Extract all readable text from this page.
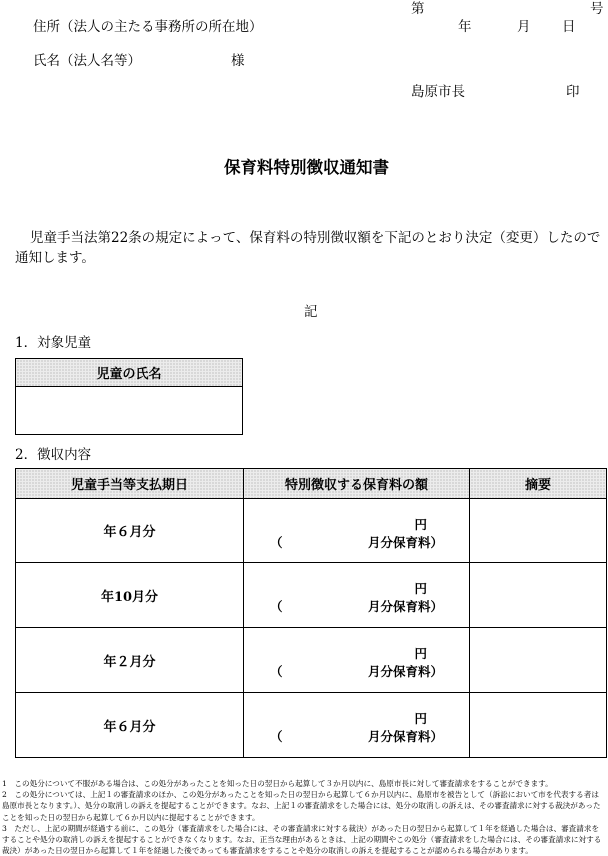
第	号
住所（法人の主たる事務所の所在地）	年	月 日
氏名（法人名等）	様
島原市長	印
保育料特別徴収通知書
児童手当法第22条の規定によって、保育料の特別徴収額を下記のとおり決定（変更）したので通知します。
記
1．対象児童
児童の氏名

2．徴収内容
児童手当等支払期日	特別徴収する保育料の額	摘要
年６月分	円
（ 月分保育料）	

年10月分	円
（ 月分保育料）	

年２月分	円
（ 月分保育料）	

年６月分	円
（ 月分保育料）	

1　この処分について不服がある場合は、この処分があったことを知った日の翌日から起算して３か月以内に、島原市長に対して審査請求をすることができます。

2　この処分については、上記１の審査請求のほか、この処分があったことを知った日の翌日から起算して６か月以内に、島原市を被告として（訴訟において市を代表する者は島原市長となります。）、処分の取消しの訴えを提起することができます。なお、上記１の審査請求をした場合には、処分の取消しの訴えは、その審査請求に対する裁決があったことを知った日の翌日から起算して６か月以内に提起することができます。

3　ただし、上記の期間が経過する前に、この処分（審査請求をした場合には、その審査請求に対する裁決）があった日の翌日から起算して１年を経過した場合は、審査請求をすることや処分の取消しの訴えを提起することができなくなります。なお、正当な理由があるときは、上記の期間やこの処分（審査請求をした場合には、その審査請求に対する裁決）があった日の翌日から起算して１年を経過した後であっても審査請求をすることや処分の取消しの訴えを提起することが認められる場合があります。
